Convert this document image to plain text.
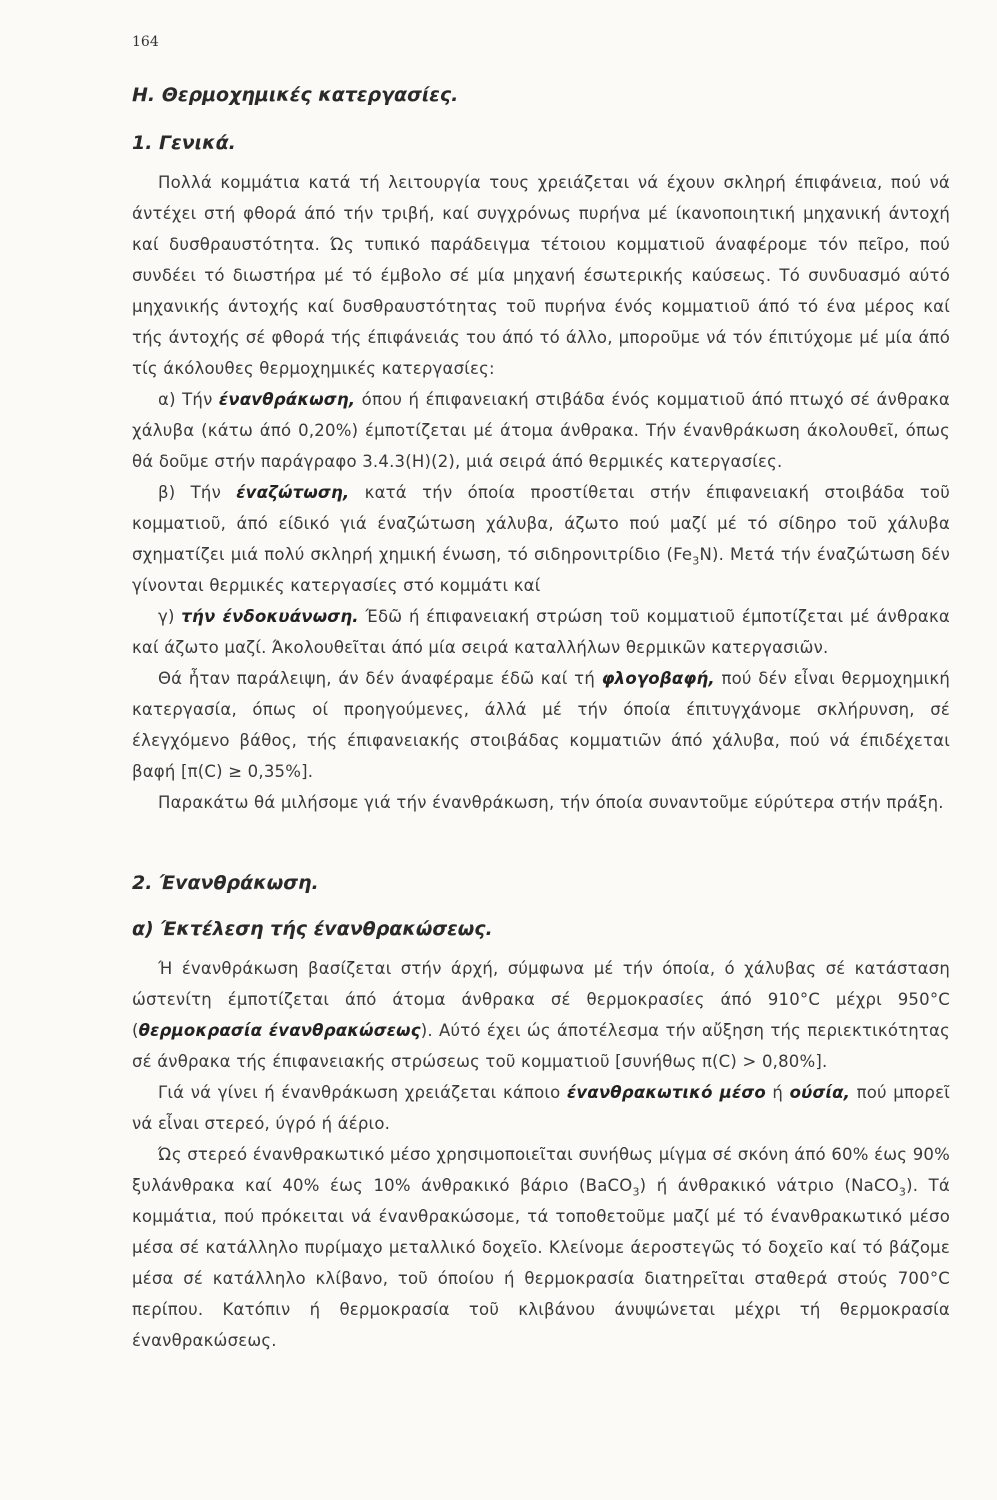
164
Η. Θερμοχημικές κατεργασίες.
1. Γενικά.

Πολλά κομμάτια κατά τή λειτουργία τους χρειάζεται νά έχουν σκληρή έπιφάνεια, πού νά άντέχει στή φθορά άπό τήν τριβή, καί συγχρόνως πυρήνα μέ ίκανοποιητική μηχανική άντοχή καί δυσθραυστότητα. Ώς τυπικό παράδειγμα τέτοιου κομματιοῦ άναφέρομε τόν πεῖρο, πού συνδέει τό διωστήρα μέ τό έμβολο σέ μία μηχανή έσωτερικής καύσεως. Τό συνδυασμό αύτό μηχανικής άντοχής καί δυσθραυστότητας τοῦ πυρήνα ένός κομματιοῦ άπό τό ένα μέρος καί τής άντοχής σέ φθορά τής έπιφάνειάς του άπό τό άλλο, μποροῦμε νά τόν έπιτύχομε μέ μία άπό τίς άκόλουθες θερμοχημικές κατεργασίες:

α) Τήν έναvθράκωση, όπου ή έπιφανειακή στιβάδα ένός κομματιοῦ άπό πτωχό σέ άνθρακα χάλυβα (κάτω άπό 0,20%) έμποτίζεται μέ άτομα άνθρακα. Τήν έvανθράκωση άκολουθεῖ, όπως θά δοῦμε στήν παράγραφο 3.4.3(Η)(2), μιά σειρά άπό θερμικές κατεργασίες.

β) Τήν έvαζώτωση, κατά τήν όποία προστίθεται στήν έπιφανειακή στοιβάδα τοῦ κομματιοῦ, άπό είδικό γιά έναζώτωση χάλυβα, άζωτο πού μαζί μέ τό σίδηρο τοῦ χάλυβα σχηματίζει μιά πολύ σκληρή χημική ένωση, τό σιδηρονιτρίδιο $(Fe_3N)$. Μετά τήν έναζώτωση δέν γίνονται θερμικές κατεργασίες στό κομμάτι καί

γ) τήν ένδοκυάνωση. Έδῶ ή έπιφανειακή στρώση τοῦ κομματιοῦ έμποτίζεται μέ άνθρακα καί άζωτο μαζί. Άκολουθεῖται άπό μία σειρά καταλλήλων θερμικῶν κατεργασιῶν.

Θά ἦταν παράλειψη, άν δέν άναφέραμε έδῶ καί τή φλογοβαφή, πού δέν εἶναι θερμοχημική κατεργασία, όπως οί προηγούμενες, άλλά μέ τήν όποία έπιτυγχάνομε σκλήρυνση, σέ έλεγχόμενο βάθος, τής έπιφανειακής στοιβάδας κομματιῶν άπό χάλυβα, πού νά έπιδέχεται βαφή [π(C) ≥ 0,35%].

Παρακάτω θά μιλήσομε γιά τήν έvανθράκωση, τήν όποία συναντοῦμε εύρύτερα στήν πράξη.

2. Έvανθράκωση.
α) Έκτέλεση τής έvανθρακώσεως.

Ή έvανθράκωση βασίζεται στήν άρχή, σύμφωνα μέ τήν όποία, ό χάλυβας σέ κατάσταση ώστενίτη έμποτίζεται άπό άτομα άνθρακα σέ θερμοκρασίες άπό 910°C μέχρι 950°C (θερμοκρασία έvανθρακώσεως). Αύτό έχει ώς άποτέλεσμα τήν αὔξηση τής περιεκτικότητας σέ άνθρακα τής έπιφανειακής στρώσεως τοῦ κομματιοῦ [συνήθως π(C) > 0,80%].

Γιά νά γίνει ή έvανθράκωση χρειάζεται κάποιο έvανθρακωτικό μέσο ή ούσία, πού μπορεῖ νά εἶναι στερεό, ύγρό ή άέριο.

Ώς στερεό έvανθρακωτικό μέσο χρησιμοποιεῖται συνήθως μίγμα σέ σκόνη άπό 60% έως 90% ξυλάνθρακα καί 40% έως 10% άνθρακικό βάριο (BaCO$_3$) ή άνθρακικό νάτριο (NaCO$_3$). Τά κομμάτια, πού πρόκειται νά έvανθρακώσομε, τά τοποθετοῦμε μαζί μέ τό έvανθρακωτικό μέσο μέσα σέ κατάλληλο πυρίμαχο μεταλλικό δοχεῖο. Κλείνομε άεροστεγῶς τό δοχεῖο καί τό βάζομε μέσα σέ κατάλληλο κλίβανο, τοῦ όποίου ή θερμοκρασία διατηρεῖται σταθερά στούς 700°C περίπου. Κατόπιν ή θερμοκρασία τοῦ κλιβάνου άνυψώνεται μέχρι τή θερμοκρασία έvανθρακώσεως.
